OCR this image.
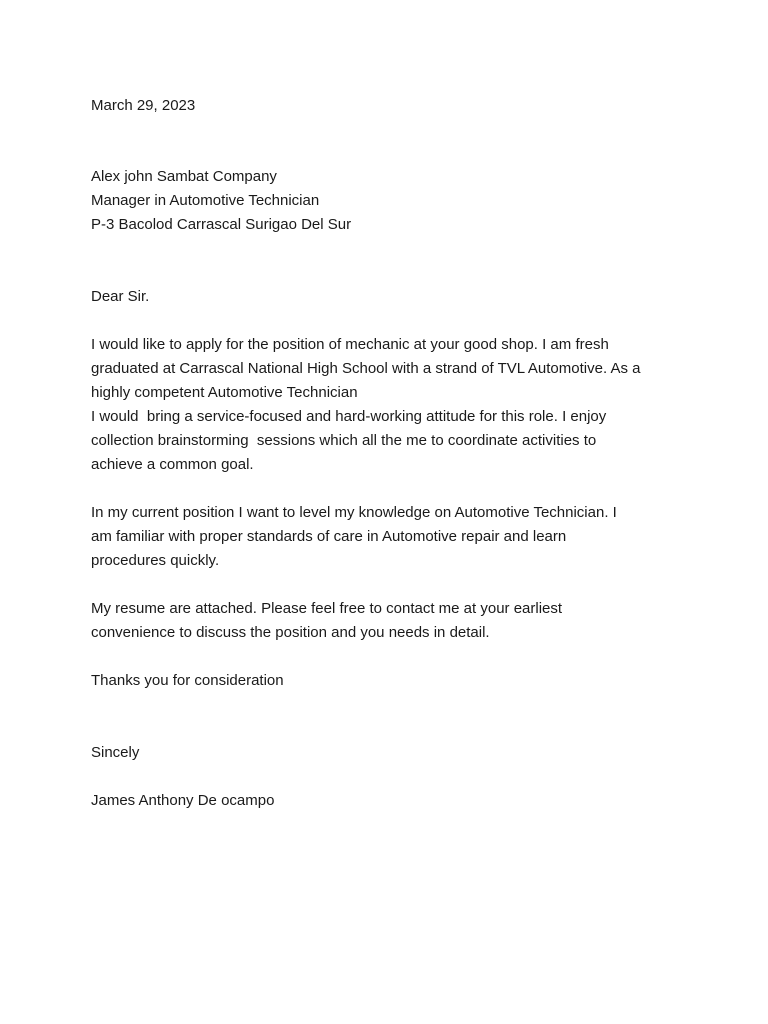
March 29, 2023
Alex john Sambat Company
Manager in Automotive Technician
P-3 Bacolod Carrascal Surigao Del Sur
Dear Sir.
I would like to apply for the position of mechanic at your good shop. I am fresh
graduated at Carrascal National High School with a strand of TVL Automotive. As a
highly competent Automotive Technician
I would  bring a service-focused and hard-working attitude for this role. I enjoy
collection brainstorming  sessions which all the me to coordinate activities to
achieve a common goal.
In my current position I want to level my knowledge on Automotive Technician. I
am familiar with proper standards of care in Automotive repair and learn
procedures quickly.
My resume are attached. Please feel free to contact me at your earliest
convenience to discuss the position and you needs in detail.
Thanks you for consideration
Sincely
James Anthony De ocampo
